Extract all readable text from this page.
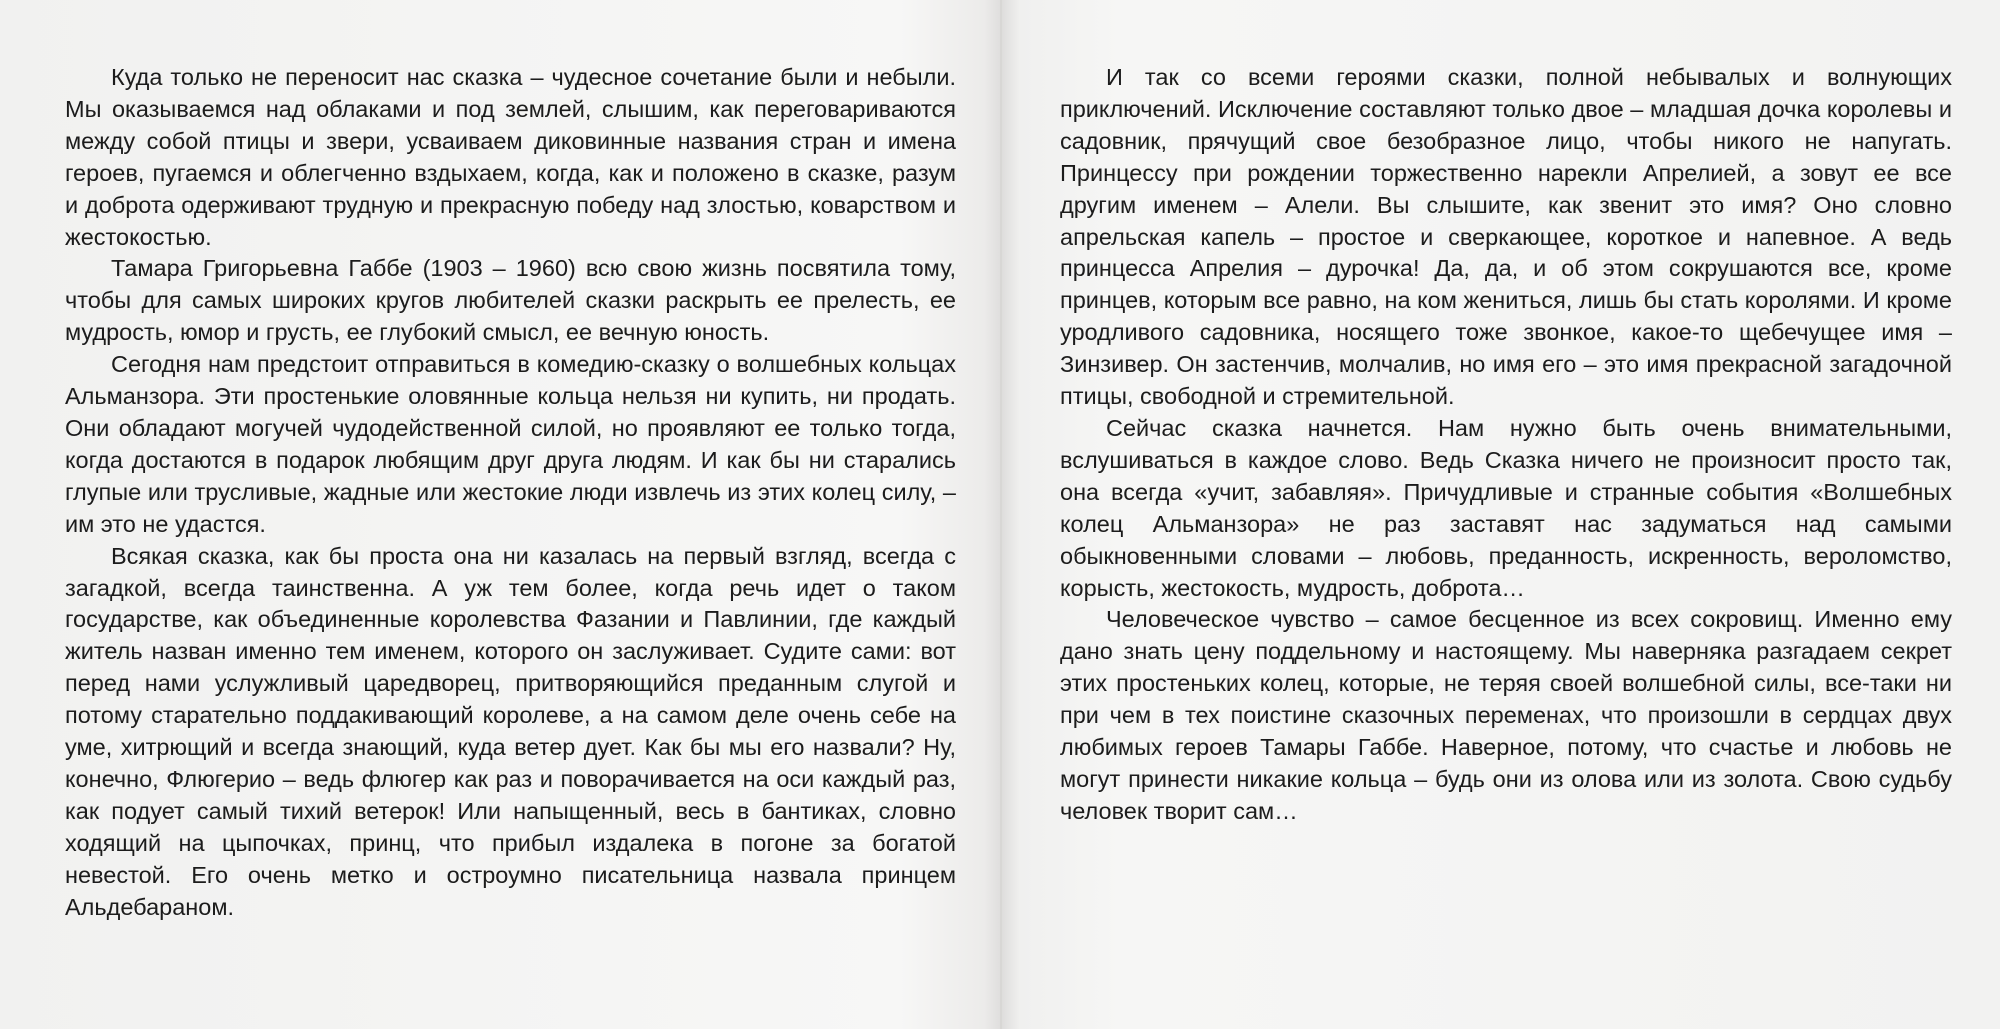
Куда только не переносит нас сказка – чудесное сочетание были и небыли. Мы оказываемся над облаками и под землей, слышим, как переговариваются между собой птицы и звери, усваиваем диковинные названия стран и имена героев, пугаемся и облегченно вздыхаем, когда, как и положено в сказке, разум и доброта одерживают трудную и прекрасную победу над злостью, коварством и жестокостью.

Тамара Григорьевна Габбе (1903 – 1960) всю свою жизнь посвятила тому, чтобы для самых широких кругов любителей сказки раскрыть ее прелесть, ее мудрость, юмор и грусть, ее глубокий смысл, ее вечную юность.

Сегодня нам предстоит отправиться в комедию-сказку о волшебных кольцах Альманзора. Эти простенькие оловянные кольца нельзя ни купить, ни продать. Они обладают могучей чудодейственной силой, но проявляют ее только тогда, когда достаются в подарок любящим друг друга людям. И как бы ни старались глупые или трусливые, жадные или жестокие люди извлечь из этих колец силу, – им это не удастся.

Всякая сказка, как бы проста она ни казалась на первый взгляд, всегда с загадкой, всегда таинственна. А уж тем более, когда речь идет о таком государстве, как объединенные королевства Фазании и Павлинии, где каждый житель назван именно тем именем, которого он заслуживает. Судите сами: вот перед нами услужливый царедворец, притворяющийся преданным слугой и потому старательно поддакивающий королеве, а на самом деле очень себе на уме, хитрющий и всегда знающий, куда ветер дует. Как бы мы его назвали? Ну, конечно, Флюгерио – ведь флюгер как раз и поворачивается на оси каждый раз, как подует самый тихий ветерок! Или напыщенный, весь в бантиках, словно ходящий на цыпочках, принц, что прибыл издалека в погоне за богатой невестой. Его очень метко и остроумно писательница назвала принцем Альдебараном.

И так со всеми героями сказки, полной небывалых и волнующих приключений. Исключение составляют только двое – младшая дочка королевы и садовник, прячущий свое безобразное лицо, чтобы никого не напугать. Принцессу при рождении торжественно нарекли Апрелией, а зовут ее все другим именем – Алели. Вы слышите, как звенит это имя? Оно словно апрельская капель – простое и сверкающее, короткое и напевное. А ведь принцесса Апрелия – дурочка! Да, да, и об этом сокрушаются все, кроме принцев, которым все равно, на ком жениться, лишь бы стать королями. И кроме уродливого садовника, носящего тоже звонкое, какое-то щебечущее имя – Зинзивер. Он застенчив, молчалив, но имя его – это имя прекрасной загадочной птицы, свободной и стремительной.

Сейчас сказка начнется. Нам нужно быть очень внимательными, вслушиваться в каждое слово. Ведь Сказка ничего не произносит просто так, она всегда «учит, забавляя». Причудливые и странные события «Волшебных колец Альманзора» не раз заставят нас задуматься над самыми обыкновенными словами – любовь, преданность, искренность, вероломство, корысть, жестокость, мудрость, доброта…

Человеческое чувство – самое бесценное из всех сокровищ. Именно ему дано знать цену поддельному и настоящему. Мы наверняка разгадаем секрет этих простеньких колец, которые, не теряя своей волшебной силы, все-таки ни при чем в тех поистине сказочных переменах, что произошли в сердцах двух любимых героев Тамары Габбе. Наверное, потому, что счастье и любовь не могут принести никакие кольца – будь они из олова или из золота. Свою судьбу человек творит сам…
